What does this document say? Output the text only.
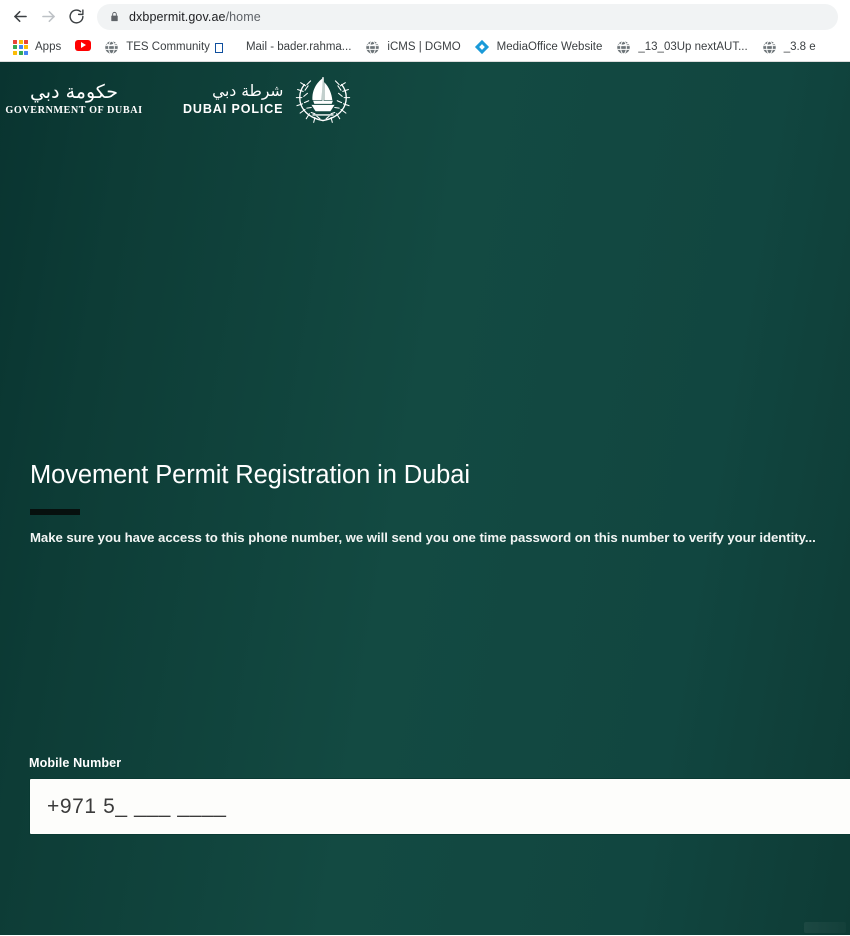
dxbpermit.gov.ae/home
Apps	TES Community	Mail - bader.rahma...	iCMS | DGMO	MediaOffice Website	_13_03Up nextAUT...	_3.8 е
حكومة دبي
GOVERNMENT OF DUBAI
شرطة دبي
DUBAI POLICE
Movement Permit Registration in Dubai

Make sure you have access to this phone number, we will send you one time password on this number to verify your identity...

Mobile Number
+971 5_ ___ ____
